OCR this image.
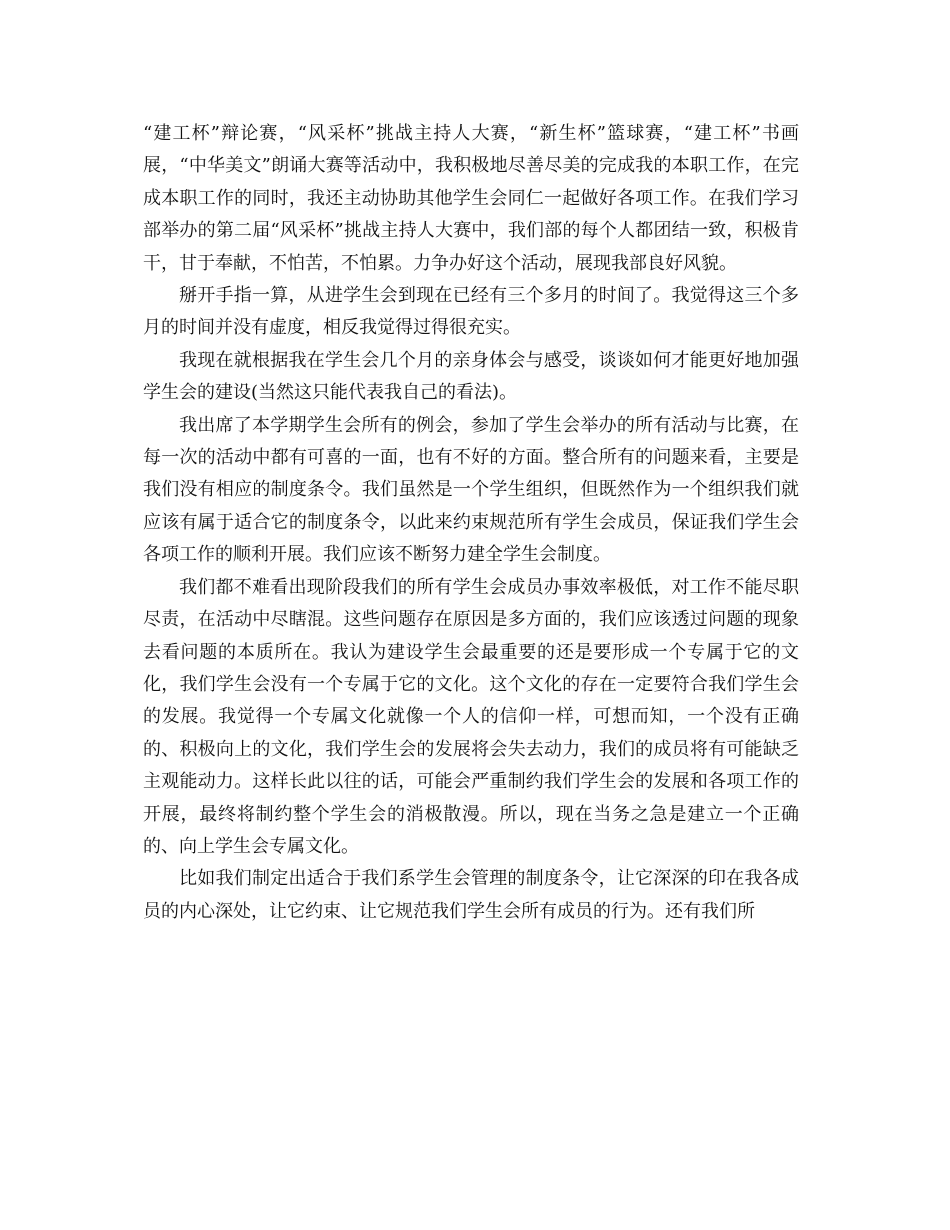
“建工杯”辩论赛，“风采杯”挑战主持人大赛，“新生杯”篮球赛，“建工杯”书画展，“中华美文”朗诵大赛等活动中，我积极地尽善尽美的完成我的本职工作，在完成本职工作的同时，我还主动协助其他学生会同仁一起做好各项工作。在我们学习部举办的第二届“风采杯”挑战主持人大赛中，我们部的每个人都团结一致，积极肯干，甘于奉献，不怕苦，不怕累。力争办好这个活动，展现我部良好风貌。

掰开手指一算，从进学生会到现在已经有三个多月的时间了。我觉得这三个多月的时间并没有虚度，相反我觉得过得很充实。

我现在就根据我在学生会几个月的亲身体会与感受，谈谈如何才能更好地加强学生会的建设(当然这只能代表我自己的看法)。

我出席了本学期学生会所有的例会，参加了学生会举办的所有活动与比赛，在每一次的活动中都有可喜的一面，也有不好的方面。整合所有的问题来看，主要是我们没有相应的制度条令。我们虽然是一个学生组织，但既然作为一个组织我们就应该有属于适合它的制度条令，以此来约束规范所有学生会成员，保证我们学生会各项工作的顺利开展。我们应该不断努力建全学生会制度。

我们都不难看出现阶段我们的所有学生会成员办事效率极低，对工作不能尽职尽责，在活动中尽瞎混。这些问题存在原因是多方面的，我们应该透过问题的现象去看问题的本质所在。我认为建设学生会最重要的还是要形成一个专属于它的文化，我们学生会没有一个专属于它的文化。这个文化的存在一定要符合我们学生会的发展。我觉得一个专属文化就像一个人的信仰一样，可想而知，一个没有正确的、积极向上的文化，我们学生会的发展将会失去动力，我们的成员将有可能缺乏主观能动力。这样长此以往的话，可能会严重制约我们学生会的发展和各项工作的开展，最终将制约整个学生会的消极散漫。所以，现在当务之急是建立一个正确的、向上学生会专属文化。

比如我们制定出适合于我们系学生会管理的制度条令，让它深深的印在我各成员的内心深处，让它约束、让它规范我们学生会所有成员的行为。还有我们所
